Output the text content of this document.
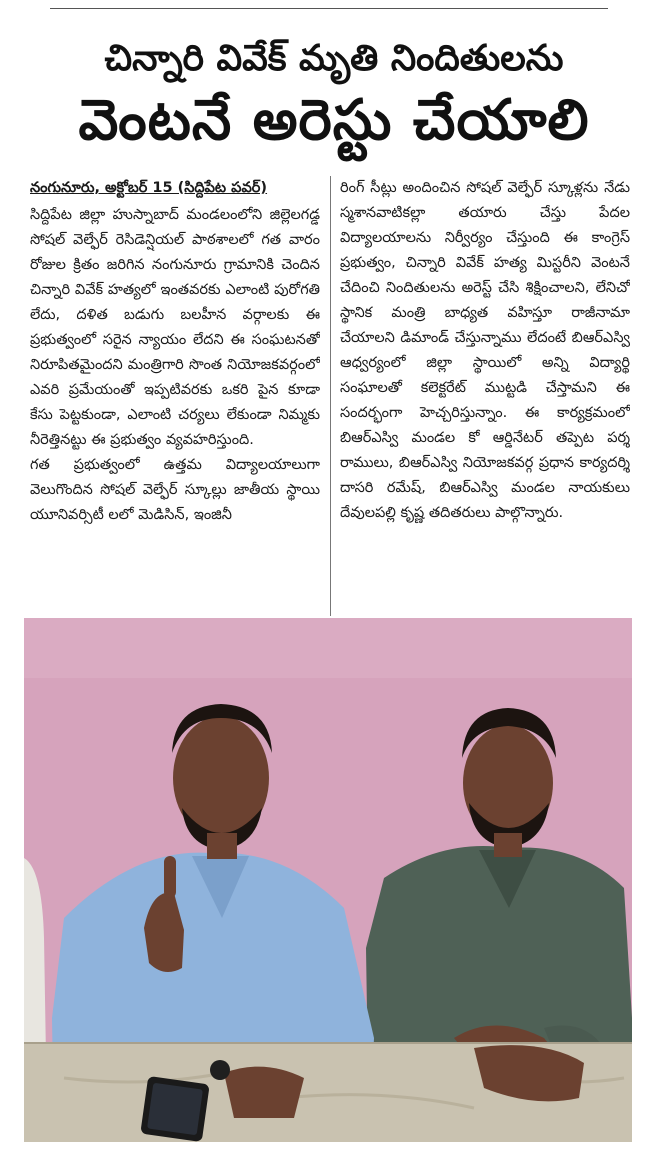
చిన్నారి వివేక్ మృతి నిందితులను
వెంటనే అరెస్టు చేయాలి
నంగునూరు, అక్టోబర్ 15 (సిద్దిపేట పవర్)
సిద్దిపేట జిల్లా హుస్నాబాద్ మండలంలోని జిల్లెలగడ్డ సోషల్ వెల్ఫేర్ రెసిడెన్షియల్ పాఠశాలలో గత వారం రోజుల క్రితం జరిగిన నంగునూరు గ్రామానికి చెందిన చిన్నారి వివేక్ హత్యలో ఇంతవరకు ఎలాంటి పురోగతి లేదు, దళిత బడుగు బలహీన వర్గాలకు ఈ ప్రభుత్వంలో సరైన న్యాయం లేదని ఈ సంఘటనతో నిరూపితమైందని మంత్రిగారి సొంత నియోజకవర్గంలో ఎవరి ప్రమేయంతో ఇప్పటివరకు ఒకరి పైన కూడా కేసు పెట్టకుండా, ఎలాంటి చర్యలు లేకుండా నిమ్మకు నీరెత్తినట్టు ఈ ప్రభుత్వం వ్యవహరిస్తుంది.
గత ప్రభుత్వంలో ఉత్తమ విద్యాలయాలుగా వెలుగొందిన సోషల్ వెల్ఫేర్ స్కూల్లు జాతీయ స్థాయి యూనివర్సిటీ లలో మెడిసిన్, ఇంజినీ
రింగ్ సీట్లు అందించిన సోషల్ వెల్ఫేర్ స్కూళ్లను నేడు స్మశానవాటికల్లా తయారు చేస్తు పేదల విద్యాలయాలను నిర్వీర్యం చేస్తుంది ఈ కాంగ్రెస్ ప్రభుత్వం, చిన్నారి వివేక్ హత్య మిస్టరీని వెంటనే చేదించి నిందితులను అరెస్ట్ చేసి శిక్షించాలని, లేనిచో స్థానిక మంత్రి బాధ్యత వహిస్తూ రాజీనామా చేయాలని డిమాండ్ చేస్తున్నాము లేదంటే బిఆర్ఎస్వి ఆధ్వర్యంలో జిల్లా స్థాయిలో అన్ని విద్యార్థి సంఘాలతో కలెక్టరేట్ ముట్టడి చేస్తామని ఈ సందర్భంగా హెచ్చరిస్తున్నాం. ఈ కార్యక్రమంలో బిఆర్ఎస్వి మండల కో ఆర్డినేటర్ తప్పెట పర్శ రాములు, బిఆర్ఎస్వి నియోజకవర్గ ప్రధాన కార్యదర్శి దాసరి రమేష్, బిఆర్ఎస్వి మండల నాయకులు దేవులపల్లి కృష్ణ తదితరులు పాల్గొన్నారు.
